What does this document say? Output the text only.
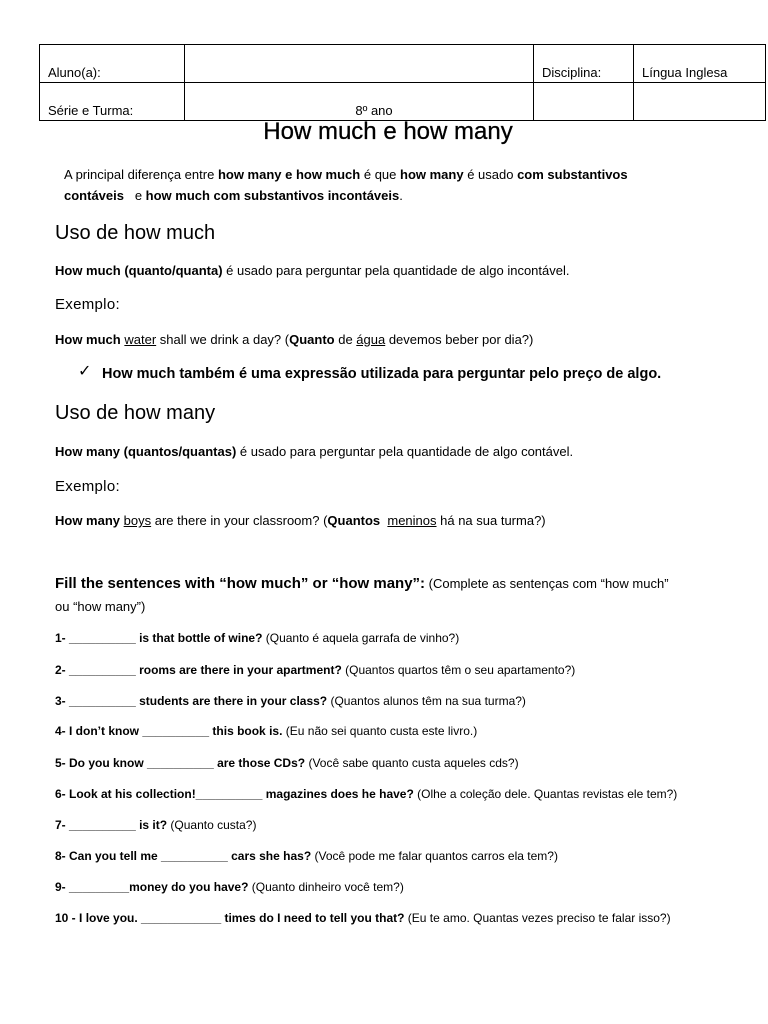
Aluno(a):		Disciplina:	Língua Inglesa

Série e Turma:	8º ano		

How much e how many
A principal diferença entre how many e how much é que how many é usado com substantivos
contáveis   e how much com substantivos incontáveis.
Uso de how much
How much (quanto/quanta) é usado para perguntar pela quantidade de algo incontável.
Exemplo:
How much water shall we drink a day? (Quanto de água devemos beber por dia?)
✓ How much também é uma expressão utilizada para perguntar pelo preço de algo.
Uso de how many
How many (quantos/quantas) é usado para perguntar pela quantidade de algo contável.
Exemplo:
How many boys are there in your classroom? (Quantos meninos há na sua turma?)
Fill the sentences with “how much” or “how many”: (Complete as sentenças com “how much”
ou “how many”)
1- __________ is that bottle of wine? (Quanto é aquela garrafa de vinho?)
2- __________ rooms are there in your apartment? (Quantos quartos têm o seu apartamento?)
3- __________ students are there in your class? (Quantos alunos têm na sua turma?)
4- I don’t know __________ this book is. (Eu não sei quanto custa este livro.)
5- Do you know __________ are those CDs? (Você sabe quanto custa aqueles cds?)
6- Look at his collection!__________ magazines does he have? (Olhe a coleção dele. Quantas revistas ele tem?)
7- __________ is it? (Quanto custa?)
8- Can you tell me __________ cars she has? (Você pode me falar quantos carros ela tem?)
9- _________money do you have? (Quanto dinheiro você tem?)
10 - I love you. ____________ times do I need to tell you that? (Eu te amo. Quantas vezes preciso te falar isso?)
